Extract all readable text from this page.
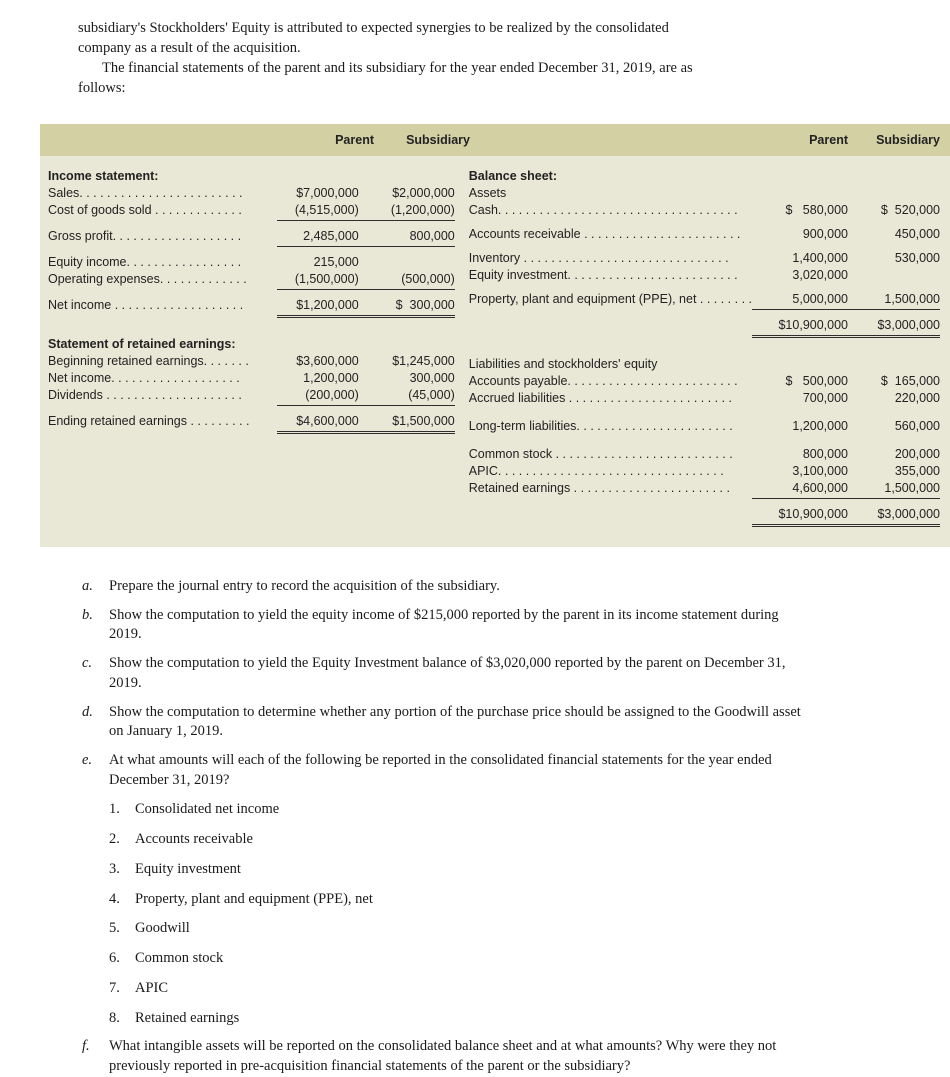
subsidiary's Stockholders' Equity is attributed to expected synergies to be realized by the consolidated company as a result of the acquisition.

The financial statements of the parent and its subsidiary for the year ended December 31, 2019, are as follows:

Parent	Subsidiary	Parent	Subsidiary
Income statement:
Sales. . . . . . . . . . . . . . . . . . . . . . . .	$7,000,000	$2,000,000
Cost of goods sold . . . . . . . . . . . . .	(4,515,000)	(1,200,000)
Gross profit. . . . . . . . . . . . . . . . . . .	2,485,000	800,000
Equity income. . . . . . . . . . . . . . . . .	215,000
Operating expenses. . . . . . . . . . . . .	(1,500,000)	(500,000)
Net income . . . . . . . . . . . . . . . . . . .	$1,200,000	$  300,000
Statement of retained earnings:
Beginning retained earnings. . . . . . .	$3,600,000	$1,245,000
Net income. . . . . . . . . . . . . . . . . . .	1,200,000	300,000
Dividends . . . . . . . . . . . . . . . . . . . .	(200,000)	(45,000)
Ending retained earnings . . . . . . . . .	$4,600,000	$1,500,000
Balance sheet:
Assets
Cash. . . . . . . . . . . . . . . . . . . . . . . . . . . . . . . . . . .	$   580,000	$  520,000
Accounts receivable . . . . . . . . . . . . . . . . . . . . . . .	900,000	450,000
Inventory . . . . . . . . . . . . . . . . . . . . . . . . . . . . . .	1,400,000	530,000
Equity investment. . . . . . . . . . . . . . . . . . . . . . . . .	3,020,000
Property, plant and equipment (PPE), net . . . . . . . .	5,000,000	1,500,000
$10,900,000	$3,000,000
Liabilities and stockholders' equity
Accounts payable. . . . . . . . . . . . . . . . . . . . . . . . .	$   500,000	$  165,000
Accrued liabilities . . . . . . . . . . . . . . . . . . . . . . . .	700,000	220,000
Long-term liabilities. . . . . . . . . . . . . . . . . . . . . . .	1,200,000	560,000
Common stock . . . . . . . . . . . . . . . . . . . . . . . . . .	800,000	200,000
APIC. . . . . . . . . . . . . . . . . . . . . . . . . . . . . . . . .	3,100,000	355,000
Retained earnings . . . . . . . . . . . . . . . . . . . . . . .	4,600,000	1,500,000
$10,900,000	$3,000,000
a.	Prepare the journal entry to record the acquisition of the subsidiary.
b.	Show the computation to yield the equity income of $215,000 reported by the parent in its income statement during 2019.
c.	Show the computation to yield the Equity Investment balance of $3,020,000 reported by the parent on December 31, 2019.
d.	Show the computation to determine whether any portion of the purchase price should be assigned to the Goodwill asset on January 1, 2019.
e.	At what amounts will each of the following be reported in the consolidated financial statements for the year ended December 31, 2019?
1.	Consolidated net income
2.	Accounts receivable
3.	Equity investment
4.	Property, plant and equipment (PPE), net
5.	Goodwill
6.	Common stock
7.	APIC
8.	Retained earnings
f.	What intangible assets will be reported on the consolidated balance sheet and at what amounts? Why were they not previously reported in pre-acquisition financial statements of the parent or the subsidiary?
